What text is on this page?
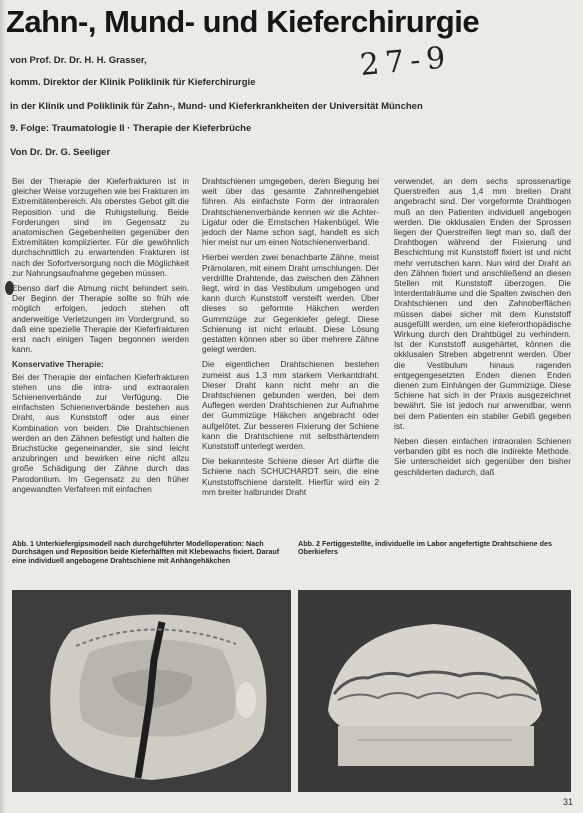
Zahn-, Mund- und Kieferchirurgie
27-9
von Prof. Dr. Dr. H. H. Grasser,
komm. Direktor der Klinik Poliklinik für Kieferchirurgie
in der Klinik und Poliklinik für Zahn-, Mund- und Kieferkrankheiten der Universität München
9. Folge: Traumatologie II · Therapie der Kieferbrüche
Von Dr. Dr. G. Seeliger

Bei der Therapie der Kieferfrakturen ist in gleicher Weise vorzugehen wie bei Frakturen im Extremitätenbereich. Als oberstes Gebot gilt die Reposition und die Ruhigstellung. Beide Forderungen sind im Gegensatz zu anatomischen Gegebenheiten gegenüber den Extremitäten komplizierter. Für die gewöhnlich durchschnittlich zu erwartenden Frakturen ist nach der Sofortversorgung noch die Möglichkeit zur Nahrungsaufnahme gegeben müssen.

Ebenso darf die Atmung nicht behindert sein. Der Beginn der Therapie sollte so früh wie möglich erfolgen, jedoch stehen oft anderweitige Verletzungen im Vordergrund, so daß eine spezielle Therapie der Kieferfrakturen erst nach einigen Tagen begonnen werden kann.

Konservative Therapie:

Bei der Therapie der einfachen Kieferfrakturen stehen uns die intra- und extraoralen Schienenverbände zur Verfügung. Die einfachsten Schienenverbände bestehen aus Draht, aus Kunststoff oder aus einer Kombination von beiden. Die Drahtschienen werden an den Zähnen befestigt und halten die Bruchstücke gegeneinander, sie sind leicht anzubringen und bewirken eine nicht allzu große Schädigung der Zähne durch das Parodontium. Im Gegensatz zu den früher angewandten Verfahren mit einfachen

Drahtschienen umgegeben, deren Biegung bei weit über das gesamte Zahnreihengebiet führen. Als einfachste Form der intraoralen Drahtschienenverbände kennen wir die Achter-Ligatur oder die Ernstschen Hakenbügel. Wie jedoch der Name schon sagt, handelt es sich hier meist nur um einen Notschienenverband.

Hierbei werden zwei benachbarte Zähne, meist Prämolaren, mit einem Draht umschlungen. Der verdrillte Drahtende, das zwischen den Zähnen liegt, wird in das Vestibulum umgebogen und kann durch Kunststoff versteift werden. Über dieses so geformte Häkchen werden Gummizüge zur Gegenkiefer gelegt. Diese Schienung ist nicht erlaubt. Diese Lösung gestatten können aber so über mehrere Zähne gelegt werden.

Die eigentlichen Drahtschienen bestehen zumeist aus 1,3 mm starkem Vierkantdraht. Dieser Draht kann nicht mehr an die Drahtschienen gebunden werden, bei dem Auflegen werden Drahtschienen zur Aufnahme der Gummizüge Häkchen angebracht oder aufgelötet. Zur besseren Fixierung der Schiene kann die Drahtschiene mit selbsthärtendem Kunststoff unterlegt werden.

Die bekannteste Schiene dieser Art dürfte die Schiene nach SCHUCHARDT sein, die eine Kunststoffschiene darstellt. Hierfür wird ein 2 mm breiter halbrunder Draht

verwendet, an dem sechs sprossenartige Querstreifen aus 1,4 mm breiten Draht angebracht sind. Der vorgeformte Drahtbogen muß an den Patienten individuell angebogen werden. Die okklusalen Enden der Sprossen liegen der Querstreifen liegt man so, daß der Drahtbogen während der Fixierung und Beschichtung mit Kunststoff fixiert ist und nicht mehr verrutschen kann. Nun wird der Draht an den Zähnen fixiert und anschließend an diesen Stellen mit Kunststoff überzogen. Die Interdentalräume und die Spalten zwischen den Drahtschienen und den Zahnoberflächen müssen dabei sicher mit dem Kunststoff ausgefüllt werden, um eine kieferorthopädische Wirkung durch den Drahtbügel zu verhindern. Ist der Kunststoff ausgehärtet, können die okklusalen Streben abgetrennt werden. Über die Vestibulum hinaus ragenden entgegengesetzten Enden dienen Enden dienen zum Einhängen der Gummizüge. Diese Schiene hat sich in der Praxis ausgezeichnet bewährt. Sie ist jedoch nur anwendbar, wenn bei dem Patienten ein stabiler Gebiß gegeben ist.

Neben diesen einfachen intraoralen Schienen verbanden gibt es noch die indirekte Methode. Sie unterscheidet sich gegenüber den bisher geschilderten dadurch, daß

Abb. 1 Unterkiefergipsmodell nach durchgeführter Modelloperation: Nach Durchsägen und Reposition beide Kieferhälften mit Klebewachs fixiert. Darauf eine individuell angebogene Drahtschiene mit Anhängehäkchen
Abb. 2 Fertiggestellte, individuelle im Labor angefertigte Drahtschiene des Oberkiefers
31
